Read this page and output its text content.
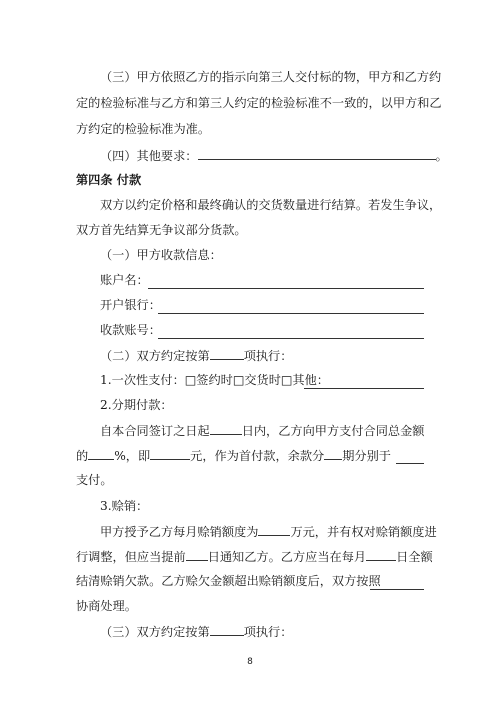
（三）甲方依照乙方的指示向第三人交付标的物，甲方和乙方约
定的检验标准与乙方和第三人约定的检验标准不一致的，以甲方和乙
方约定的检验标准为准。
（四）其他要求：	。
第四条 付款
双方以约定价格和最终确认的交货数量进行结算。若发生争议，
双方首先结算无争议部分货款。
（一）甲方收款信息：
账户名：
开户银行：
收款账号：
（二）双方约定按第	项执行：
1.一次性支付：□签约时□交货时□其他：
2.分期付款：
自本合同签订之日起	日内，乙方向甲方支付合同总金额
的 %，即	元，作为首付款，余款分 期分别于
支付。
3.赊销：
甲方授予乙方每月赊销额度为	万元，并有权对赊销额度进
行调整，但应当提前 日通知乙方。乙方应当在每月 日全额
结清赊销欠款。乙方赊欠金额超出赊销额度后，双方按照
协商处理。
（三）双方约定按第	项执行：
8
